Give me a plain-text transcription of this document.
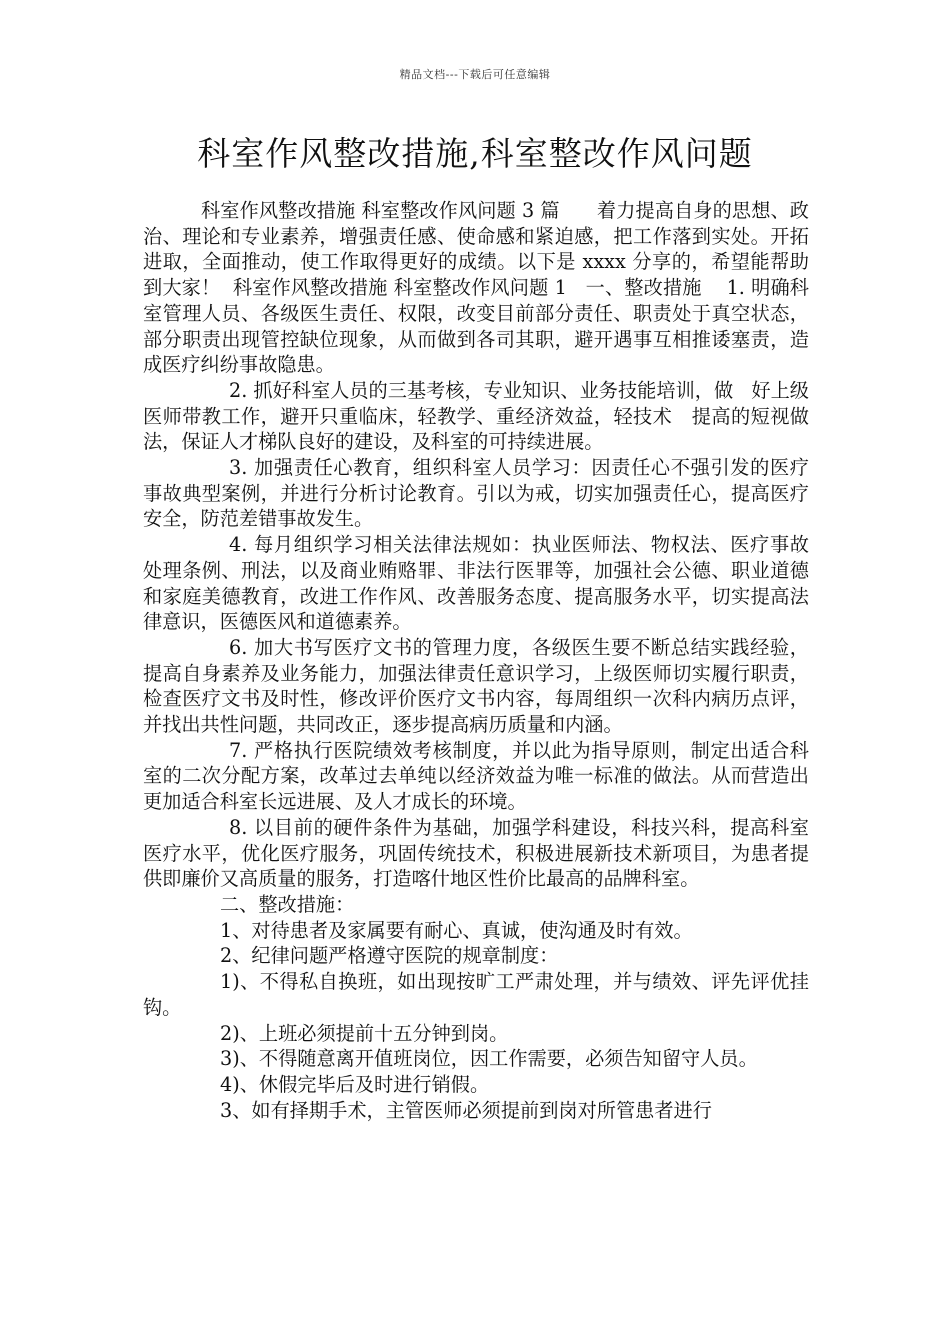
精品文档---下载后可任意编辑
科室作风整改措施,科室整改作风问题

科室作风整改措施 科室整改作风问题 3 篇      着力提高自身的思想、政治、理论和专业素养，增强责任感、使命感和紧迫感，把工作落到实处。开拓进取，全面推动，使工作取得更好的成绩。以下是 xxxx 分享的，希望能帮助到大家！  科室作风整改措施 科室整改作风问题 1   一、整改措施    1. 明确科室管理人员、各级医生责任、权限，改变目前部分责任、职责处于真空状态，部分职责出现管控缺位现象，从而做到各司其职，避开遇事互相推诿塞责，造成医疗纠纷事故隐患。

2. 抓好科室人员的三基考核，专业知识、业务技能培训，做   好上级医师带教工作，避开只重临床，轻教学、重经济效益，轻技术   提高的短视做法，保证人才梯队良好的建设，及科室的可持续进展。

3. 加强责任心教育，组织科室人员学习：因责任心不强引发的医疗事故典型案例，并进行分析讨论教育。引以为戒，切实加强责任心，提高医疗安全，防范差错事故发生。

4. 每月组织学习相关法律法规如：执业医师法、物权法、医疗事故   处理条例、刑法，以及商业贿赂罪、非法行医罪等，加强社会公德、职业道德和家庭美德教育，改进工作作风、改善服务态度、提高服务水平，切实提高法律意识，医德医风和道德素养。

6. 加大书写医疗文书的管理力度，各级医生要不断总结实践经验，提高自身素养及业务能力，加强法律责任意识学习，上级医师切实履行职责，检查医疗文书及时性，修改评价医疗文书内容，每周组织一次科内病历点评，并找出共性问题，共同改正，逐步提高病历质量和内涵。

7. 严格执行医院绩效考核制度，并以此为指导原则，制定出适合科室的二次分配方案，改革过去单纯以经济效益为唯一标准的做法。从而营造出更加适合科室长远进展、及人才成长的环境。

8. 以目前的硬件条件为基础，加强学科建设，科技兴科，提高科室医疗水平，优化医疗服务，巩固传统技术，积极进展新技术新项目，为患者提供即廉价又高质量的服务，打造喀什地区性价比最高的品牌科室。

二、整改措施：

1、对待患者及家属要有耐心、真诚，使沟通及时有效。

2、纪律问题严格遵守医院的规章制度：

1)、不得私自换班，如出现按旷工严肃处理，并与绩效、评先评优挂钩。

2)、上班必须提前十五分钟到岗。

3)、不得随意离开值班岗位，因工作需要，必须告知留守人员。

4)、休假完毕后及时进行销假。

3、如有择期手术，主管医师必须提前到岗对所管患者进行
